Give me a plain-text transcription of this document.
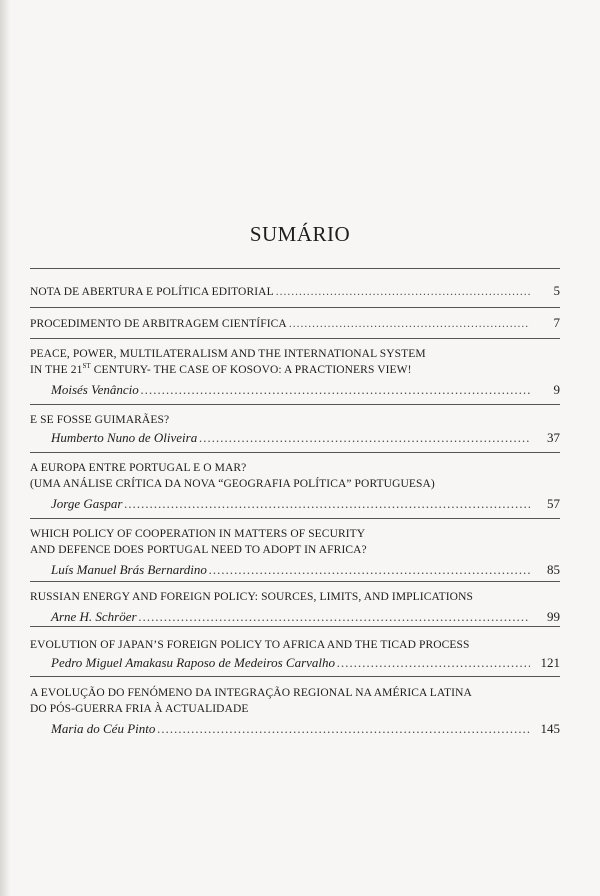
SUMÁRIO
NOTA DE ABERTURA E POLÍTICA EDITORIAL .....	5
PROCEDIMENTO DE ARBITRAGEM CIENTÍFICA .....	7
PEACE, POWER, MULTILATERALISM AND THE INTERNATIONAL SYSTEM
IN THE 21ST CENTURY- THE CASE OF KOSOVO: A PRACTIONERS VIEW!
Moisés Venâncio .....	9
E SE FOSSE GUIMARÃES?
Humberto Nuno de Oliveira .....	37
A EUROPA ENTRE PORTUGAL E O MAR?
(UMA ANÁLISE CRÍTICA DA NOVA “GEOGRAFIA POLÍTICA” PORTUGUESA)
Jorge Gaspar .....	57
WHICH POLICY OF COOPERATION IN MATTERS OF SECURITY
AND DEFENCE DOES PORTUGAL NEED TO ADOPT IN AFRICA?
Luís Manuel Brás Bernardino .....	85
RUSSIAN ENERGY AND FOREIGN POLICY: SOURCES, LIMITS, AND IMPLICATIONS
Arne H. Schröer .....	99
EVOLUTION OF JAPAN’S FOREIGN POLICY TO AFRICA AND THE TICAD PROCESS
Pedro Miguel Amakasu Raposo de Medeiros Carvalho .....	121
A EVOLUÇÃO DO FENÓMENO DA INTEGRAÇÃO REGIONAL NA AMÉRICA LATINA
DO PÓS-GUERRA FRIA À ACTUALIDADE
Maria do Céu Pinto .....	145
